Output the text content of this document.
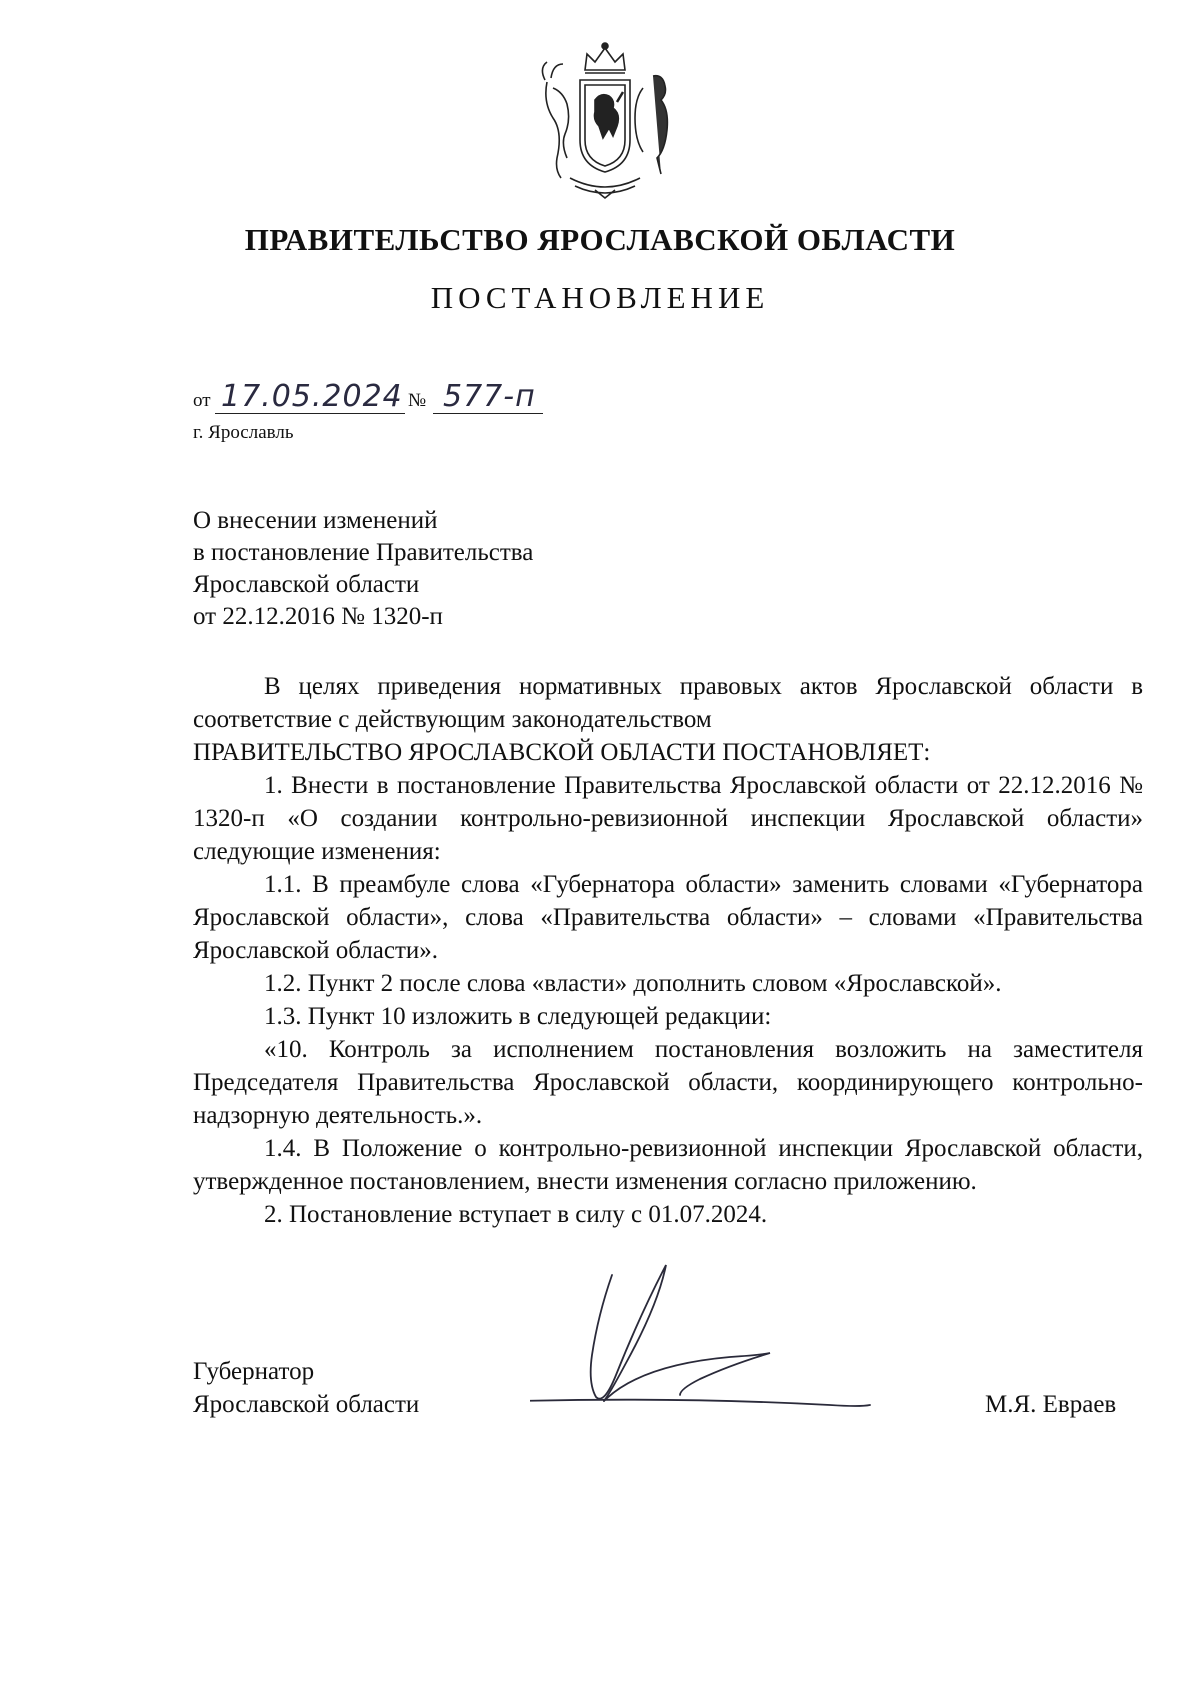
ПРАВИТЕЛЬСТВО ЯРОСЛАВСКОЙ ОБЛАСТИ
ПОСТАНОВЛЕНИЕ
от 17.05.2024 № 577-п
г. Ярославль
О внесении изменений
в постановление Правительства
Ярославской области
от 22.12.2016 № 1320-п

В целях приведения нормативных правовых актов Ярославской области в соответствие с действующим законодательством

ПРАВИТЕЛЬСТВО ЯРОСЛАВСКОЙ ОБЛАСТИ ПОСТАНОВЛЯЕТ:

1. Внести в постановление Правительства Ярославской области от 22.12.2016 № 1320-п «О создании контрольно-ревизионной инспекции Ярославской области» следующие изменения:

1.1. В преамбуле слова «Губернатора области» заменить словами «Губернатора Ярославской области», слова «Правительства области» – словами «Правительства Ярославской области».

1.2. Пункт 2 после слова «власти» дополнить словом «Ярославской».

1.3. Пункт 10 изложить в следующей редакции:

«10. Контроль за исполнением постановления возложить на заместителя Председателя Правительства Ярославской области, координирующего контрольно-надзорную деятельность.».

1.4. В Положение о контрольно-ревизионной инспекции Ярославской области, утвержденное постановлением, внести изменения согласно приложению.

2. Постановление вступает в силу с 01.07.2024.

Губернатор
Ярославской области	М.Я. Евраев
